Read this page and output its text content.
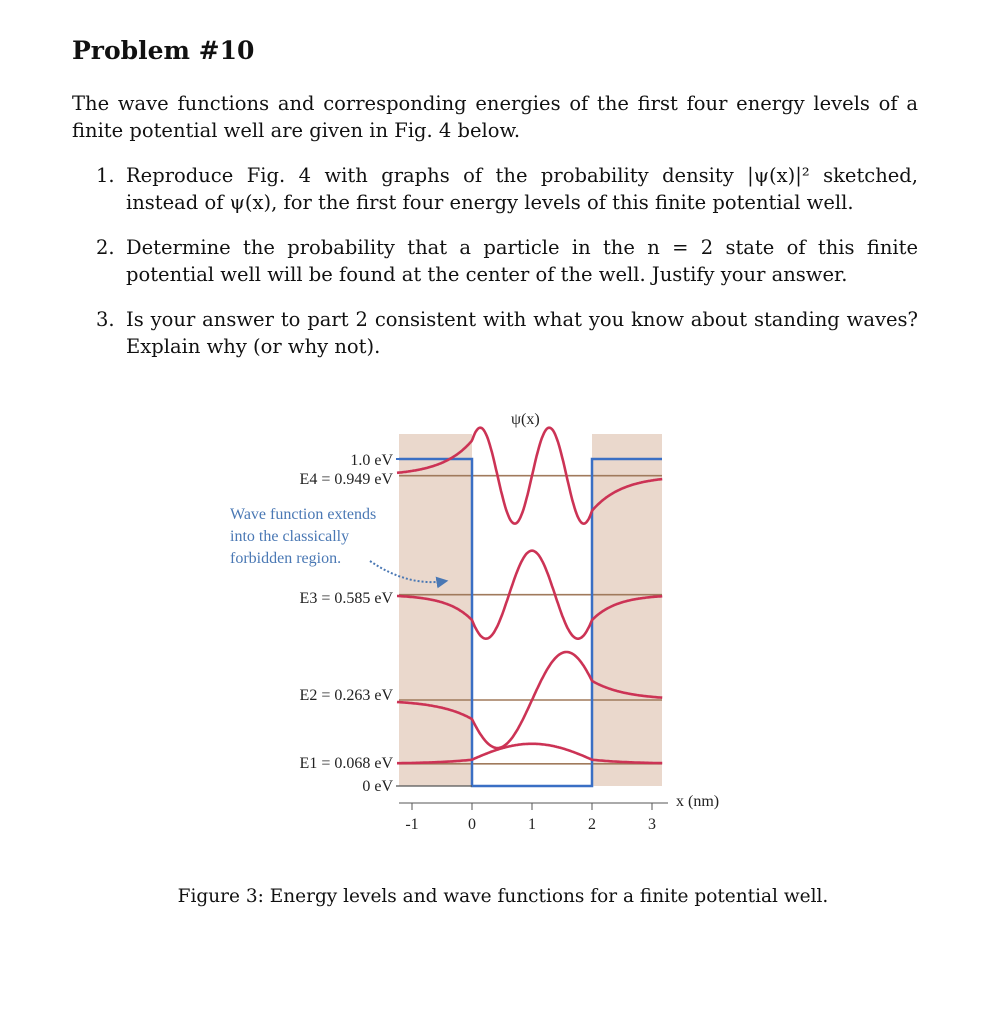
Problem #10

The wave functions and corresponding energies of the first four energy levels of a finite potential well are given in Fig. 4 below.

1. Reproduce Fig. 4 with graphs of the probability density |ψ(x)|² sketched, instead of ψ(x), for the first four energy levels of this finite potential well.
2. Determine the probability that a particle in the n = 2 state of this finite potential well will be found at the center of the well. Justify your answer.
3. Is your answer to part 2 consistent with what you know about standing waves? Explain why (or why not).
-1	0	1	2	3
x (nm)
ψ(x)
1.0 eV
E4 = 0.949 eV
E3 = 0.585 eV
E2 = 0.263 eV
E1 = 0.068 eV
0 eV
Wave function extends
into the classically
forbidden region.
Figure 3: Energy levels and wave functions for a finite potential well.
